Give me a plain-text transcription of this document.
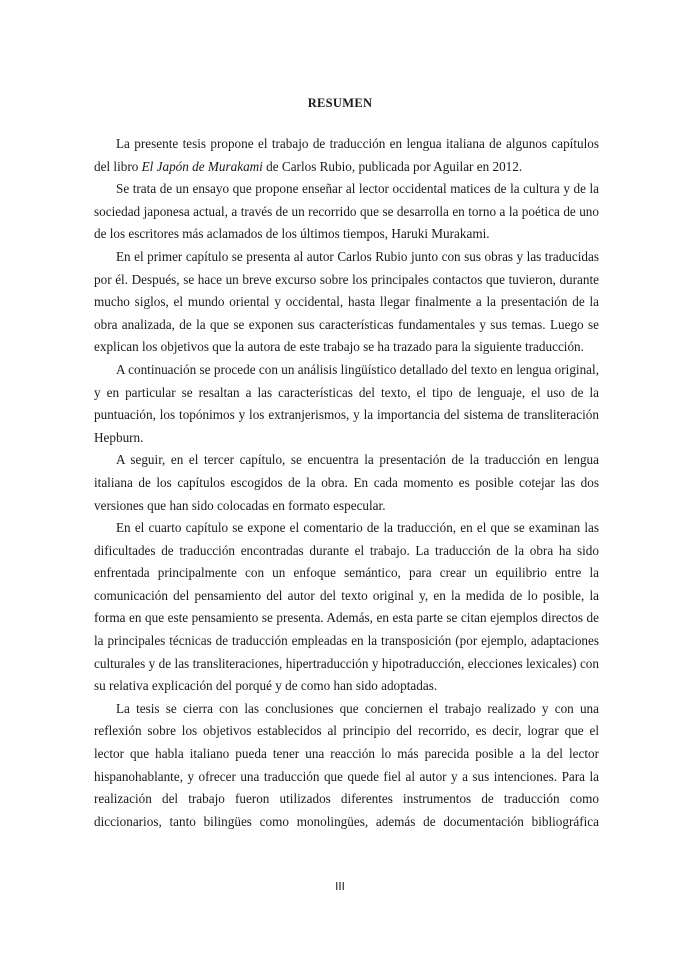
RESUMEN

La presente tesis propone el trabajo de traducción en lengua italiana de algunos capítulos del libro El Japón de Murakami de Carlos Rubio, publicada por Aguilar en 2012.

Se trata de un ensayo que propone enseñar al lector occidental matices de la cultura y de la sociedad japonesa actual, a través de un recorrido que se desarrolla en torno a la poética de uno de los escritores más aclamados de los últimos tiempos, Haruki Murakami.

En el primer capítulo se presenta al autor Carlos Rubio junto con sus obras y las traducidas por él. Después, se hace un breve excurso sobre los principales contactos que tuvieron, durante mucho siglos, el mundo oriental y occidental, hasta llegar finalmente a la presentación de la obra analizada, de la que se exponen sus características fundamentales y sus temas. Luego se explican los objetivos que la autora de este trabajo se ha trazado para la siguiente traducción.

A continuación se procede con un análisis lingüístico detallado del texto en lengua original, y en particular se resaltan a las características del texto, el tipo de lenguaje, el uso de la puntuación, los topónimos y los extranjerismos, y la importancia del sistema de transliteración Hepburn.

A seguir, en el tercer capítulo, se encuentra la presentación de la traducción en lengua italiana de los capítulos escogidos de la obra. En cada momento es posible cotejar las dos versiones que han sido colocadas en formato especular.

En el cuarto capítulo se expone el comentario de la traducción, en el que se examinan las dificultades de traducción encontradas durante el trabajo. La traducción de la obra ha sido enfrentada principalmente con un enfoque semántico, para crear un equilibrio entre la comunicación del pensamiento del autor del texto original y, en la medida de lo posible, la forma en que este pensamiento se presenta. Además, en esta parte se citan ejemplos directos de la principales técnicas de traducción empleadas en la transposición (por ejemplo, adaptaciones culturales y de las transliteraciones, hipertraducción y hipotraducción, elecciones lexicales) con su relativa explicación del porqué y de como han sido adoptadas.

La tesis se cierra con las conclusiones que conciernen el trabajo realizado y con una reflexión sobre los objetivos establecidos al principio del recorrido, es decir, lograr que el lector que habla italiano pueda tener una reacción lo más parecida posible a la del lector hispanohablante, y ofrecer una traducción que quede fiel al autor y a sus intenciones. Para la realización del trabajo fueron utilizados diferentes instrumentos de traducción como diccionarios, tanto bilingües como monolingües, además de documentación bibliográfica

III
